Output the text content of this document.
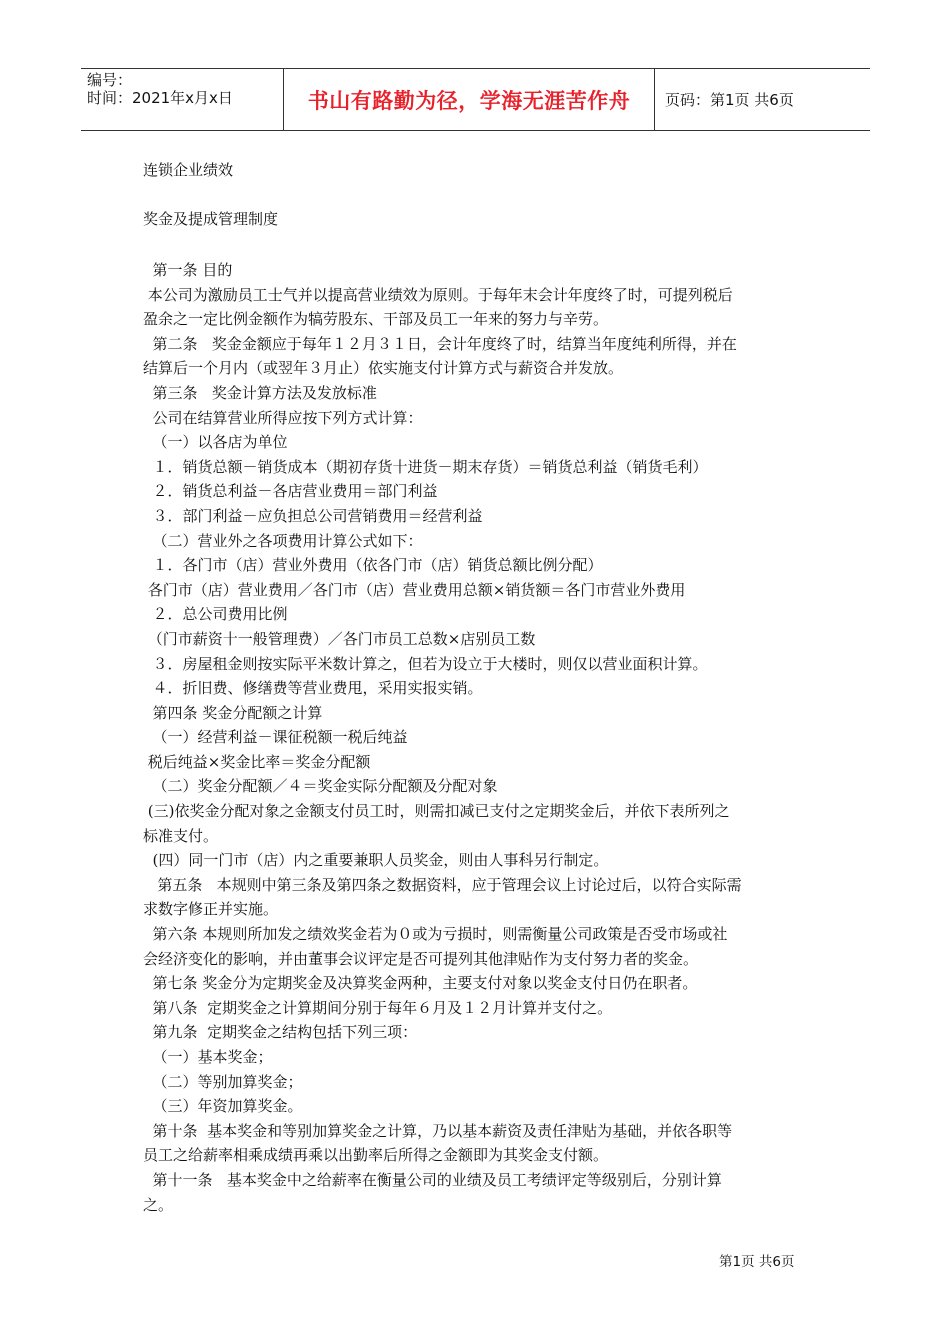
编号：
时间：2021年x月x日	书山有路勤为径，学海无涯苦作舟	页码：第1页 共6页
连锁企业绩效
奖金及提成管理制度

第一条 目的

本公司为激励员工士气并以提高营业绩效为原则。于每年末会计年度终了时，可提列税后

盈余之一定比例金额作为犒劳股东、干部及员工一年来的努力与辛劳。

第二条   奖金金额应于每年１２月３１日，会计年度终了时，结算当年度纯利所得，并在

结算后一个月内（或翌年３月止）依实施支付计算方式与薪资合并发放。

第三条   奖金计算方法及发放标准

公司在结算营业所得应按下列方式计算：

（一）以各店为单位

１．销货总额－销货成本（期初存货十进货－期末存货）＝销货总利益（销货毛利）

２．销货总利益－各店营业费用＝部门利益

３．部门利益－应负担总公司营销费用＝经营利益

（二）营业外之各项费用计算公式如下：

１．各门市（店）营业外费用（依各门市（店）销货总额比例分配）

各门市（店）营业费用／各门市（店）营业费用总额×销货额＝各门市营业外费用

２．总公司费用比例

（门市薪资十一般管理费）／各门市员工总数×店别员工数

３．房屋租金则按实际平米数计算之，但若为设立于大楼时，则仅以营业面积计算。

４．折旧费、修缮费等营业费甩，采用实报实销。

第四条 奖金分配额之计算

（一）经营利益－课征税额一税后纯益

税后纯益×奖金比率＝奖金分配额

（二）奖金分配额／４＝奖金实际分配额及分配对象

(三)依奖金分配对象之金额支付员工时，则需扣减已支付之定期奖金后，并依下表所列之

标准支付。

(四）同一门市（店）内之重要兼职人员奖金，则由人事科另行制定。

第五条   本规则中第三条及第四条之数据资料，应于管理会议上讨论过后，以符合实际需

求数字修正并实施。

第六条 本规则所加发之绩效奖金若为０或为亏损时，则需衡量公司政策是否受市场或社

会经济变化的影响，并由董事会议评定是否可提列其他津贴作为支付努力者的奖金。

第七条 奖金分为定期奖金及决算奖金两种，主要支付对象以奖金支付日仍在职者。

第八条  定期奖金之计算期间分别于每年６月及１２月计算并支付之。

第九条  定期奖金之结构包括下列三项：

（一）基本奖金；

（二）等别加算奖金；

（三）年资加算奖金。

第十条  基本奖金和等别加算奖金之计算，乃以基本薪资及责任津贴为基础，并依各职等

员工之给薪率相乘成绩再乘以出勤率后所得之金额即为其奖金支付额。

第十一条   基本奖金中之给薪率在衡量公司的业绩及员工考绩评定等级别后，分别计算

之。

第1页 共6页
